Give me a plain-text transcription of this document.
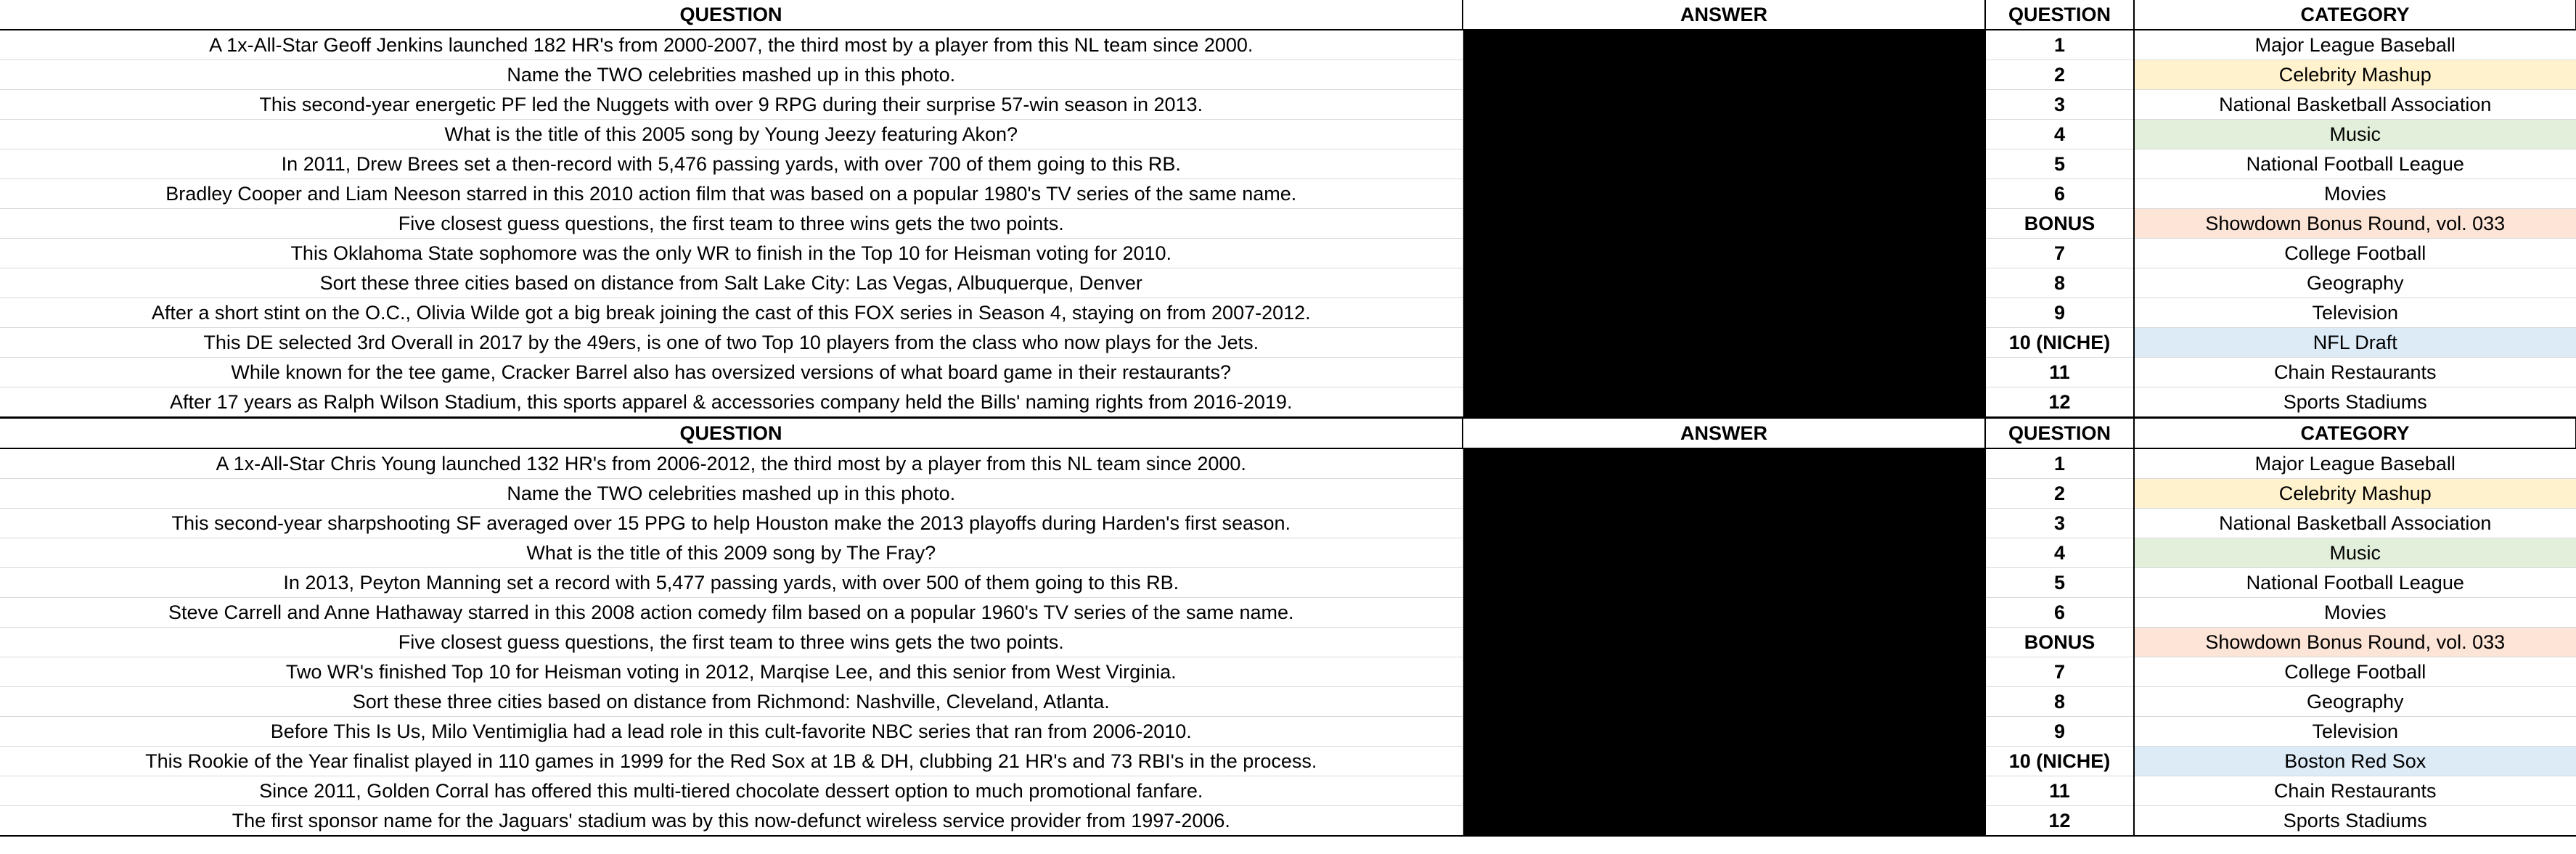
QUESTION	ANSWER	QUESTION	CATEGORY
A 1x-All-Star Geoff Jenkins launched 182 HR's from 2000-2007, the third most by a player from this NL team since 2000.		1	Major League Baseball
Name the TWO celebrities mashed up in this photo.		2	Celebrity Mashup
This second-year energetic PF led the Nuggets with over 9 RPG during their surprise 57-win season in 2013.		3	National Basketball Association
What is the title of this 2005 song by Young Jeezy featuring Akon?		4	Music
In 2011, Drew Brees set a then-record with 5,476 passing yards, with over 700 of them going to this RB.		5	National Football League
Bradley Cooper and Liam Neeson starred in this 2010 action film that was based on a popular 1980's TV series of the same name.		6	Movies
Five closest guess questions, the first team to three wins gets the two points.		BONUS	Showdown Bonus Round, vol. 033
This Oklahoma State sophomore was the only WR to finish in the Top 10 for Heisman voting for 2010.		7	College Football
Sort these three cities based on distance from Salt Lake City: Las Vegas, Albuquerque, Denver		8	Geography
After a short stint on the O.C., Olivia Wilde got a big break joining the cast of this FOX series in Season 4, staying on from 2007-2012.		9	Television
This DE selected 3rd Overall in 2017 by the 49ers, is one of two Top 10 players from the class who now plays for the Jets.		10 (NICHE)	NFL Draft
While known for the tee game, Cracker Barrel also has oversized versions of what board game in their restaurants?		11	Chain Restaurants
After 17 years as Ralph Wilson Stadium, this sports apparel & accessories company held the Bills' naming rights from 2016-2019.		12	Sports Stadiums
QUESTION	ANSWER	QUESTION	CATEGORY
A 1x-All-Star Chris Young launched 132 HR's from 2006-2012, the third most by a player from this NL team since 2000.		1	Major League Baseball
Name the TWO celebrities mashed up in this photo.		2	Celebrity Mashup
This second-year sharpshooting SF averaged over 15 PPG to help Houston make the 2013 playoffs during Harden's first season.		3	National Basketball Association
What is the title of this 2009 song by The Fray?		4	Music
In 2013, Peyton Manning set a record with 5,477 passing yards, with over 500 of them going to this RB.		5	National Football League
Steve Carrell and Anne Hathaway starred in this 2008 action comedy film based on a popular 1960's TV series of the same name.		6	Movies
Five closest guess questions, the first team to three wins gets the two points.		BONUS	Showdown Bonus Round, vol. 033
Two WR's finished Top 10 for Heisman voting in 2012, Marqise Lee, and this senior from West Virginia.		7	College Football
Sort these three cities based on distance from Richmond: Nashville, Cleveland, Atlanta.		8	Geography
Before This Is Us, Milo Ventimiglia had a lead role in this cult-favorite NBC series that ran from 2006-2010.		9	Television
This Rookie of the Year finalist played in 110 games in 1999 for the Red Sox at 1B & DH, clubbing 21 HR's and 73 RBI's in the process.		10 (NICHE)	Boston Red Sox
Since 2011, Golden Corral has offered this multi-tiered chocolate dessert option to much promotional fanfare.		11	Chain Restaurants
The first sponsor name for the Jaguars' stadium was by this now-defunct wireless service provider from 1997-2006.		12	Sports Stadiums
